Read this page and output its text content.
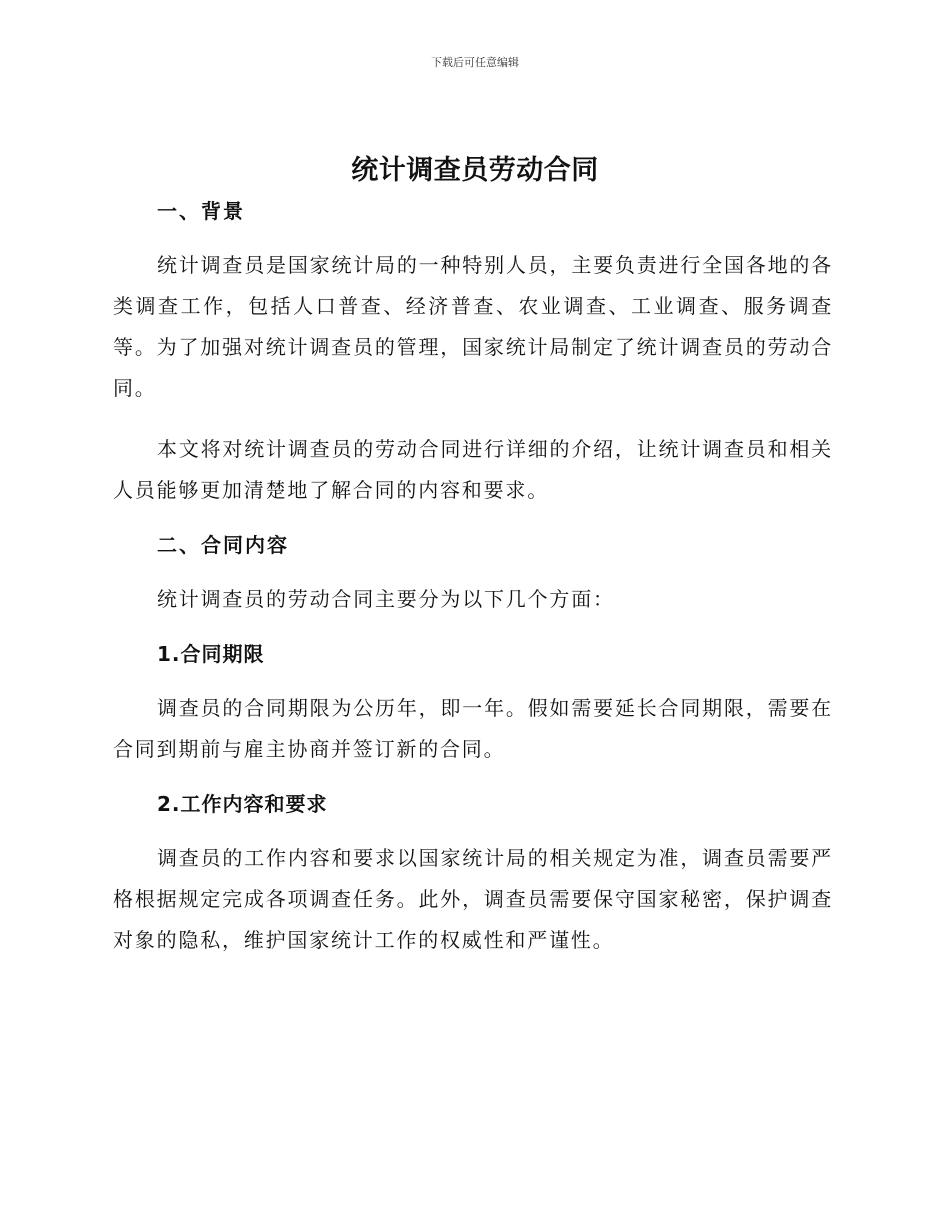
下载后可任意编辑
统计调查员劳动合同
一、背景

统计调查员是国家统计局的一种特别人员，主要负责进行全国各地的各类调查工作，包括人口普查、经济普查、农业调查、工业调查、服务调查等。为了加强对统计调查员的管理，国家统计局制定了统计调查员的劳动合同。

本文将对统计调查员的劳动合同进行详细的介绍，让统计调查员和相关人员能够更加清楚地了解合同的内容和要求。

二、合同内容

统计调查员的劳动合同主要分为以下几个方面：

1.合同期限

调查员的合同期限为公历年，即一年。假如需要延长合同期限，需要在合同到期前与雇主协商并签订新的合同。

2.工作内容和要求

调查员的工作内容和要求以国家统计局的相关规定为准，调查员需要严格根据规定完成各项调查任务。此外，调查员需要保守国家秘密，保护调查对象的隐私，维护国家统计工作的权威性和严谨性。
